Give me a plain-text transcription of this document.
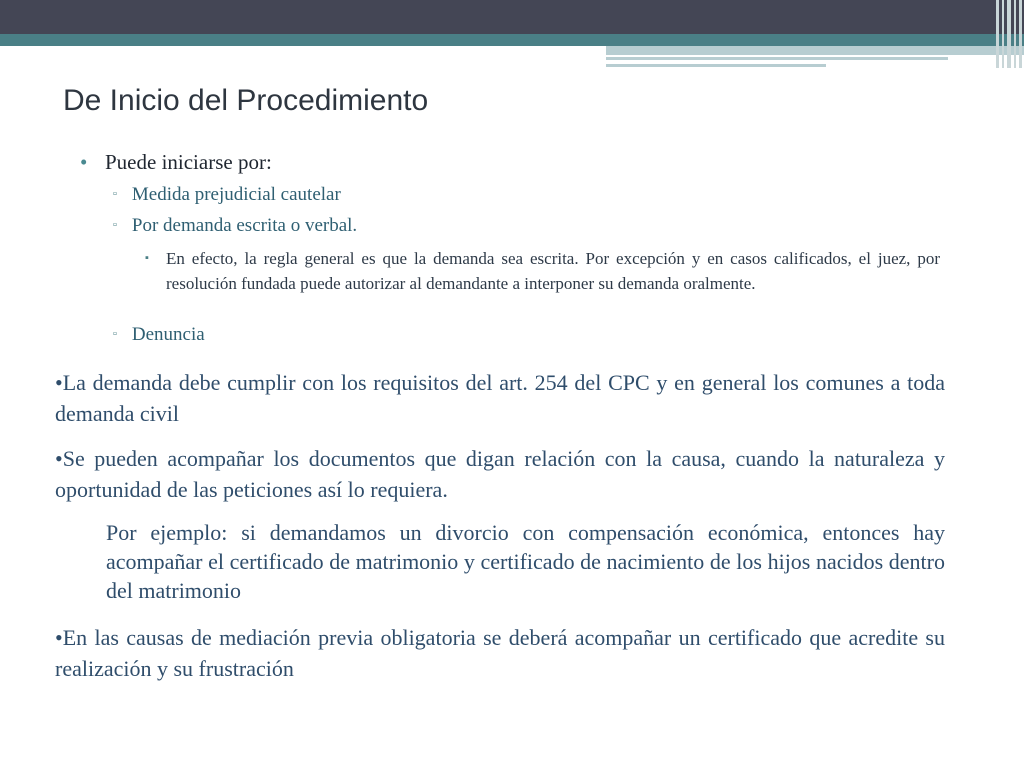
De Inicio del Procedimiento
• Puede iniciarse por:
▫ Medida prejudicial cautelar
▫ Por demanda escrita o verbal.
▪ En efecto, la regla general es que la demanda sea escrita. Por excepción y en casos calificados, el juez, por resolución fundada puede autorizar al demandante a interponer su demanda oralmente.
▫ Denuncia

•La demanda debe cumplir con los requisitos del art. 254 del CPC y en general los comunes a toda demanda civil

•Se pueden acompañar los documentos que digan relación con la causa, cuando la naturaleza y oportunidad de las peticiones así lo requiera.

Por ejemplo: si demandamos un divorcio con compensación económica, entonces hay acompañar el certificado de matrimonio y certificado de nacimiento de los hijos nacidos dentro del matrimonio

•En las causas de mediación previa obligatoria se deberá acompañar un certificado que acredite su realización y su frustración
